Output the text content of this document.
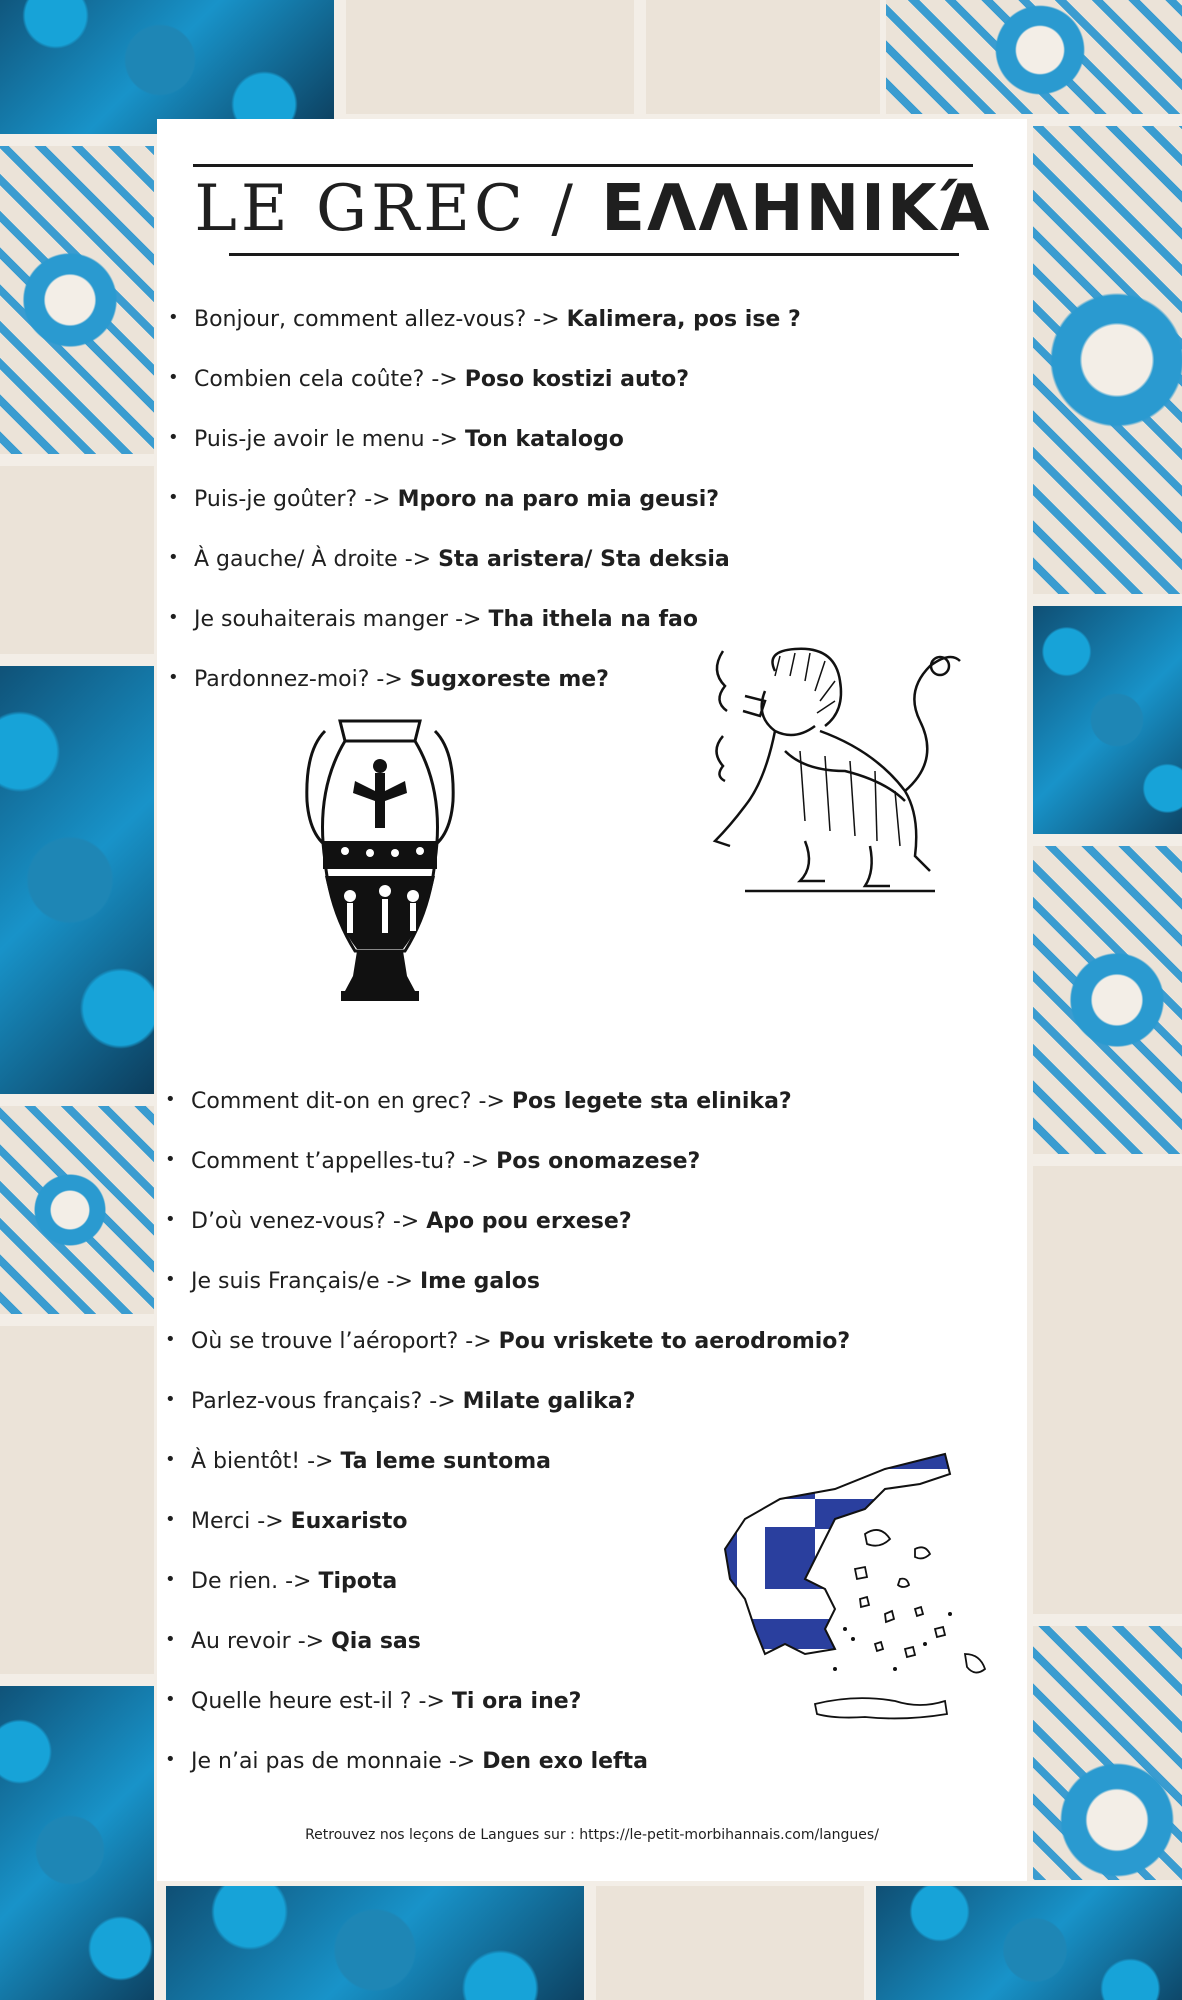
LE GREC / ΕΛΛΗΝΙΚΆ
• Bonjour, comment allez-vous? -> Kalimera, pos ise ?
• Combien cela coûte? -> Poso kostizi auto?
• Puis-je avoir le menu -> Ton katalogo
• Puis-je goûter? -> Mporo na paro mia geusi?
• À gauche/ À droite -> Sta aristera/ Sta deksia
• Je souhaiterais manger -> Tha ithela na fao
• Pardonnez-moi? -> Sugxoreste me?
• Comment dit-on en grec? -> Pos legete sta elinika?
• Comment t’appelles-tu? -> Pos onomazese?
• D’où venez-vous? -> Apo pou erxese?
• Je suis Français/e -> Ime galos
• Où se trouve l’aéroport? -> Pou vriskete to aerodromio?
• Parlez-vous français? -> Milate galika?
• À bientôt! -> Ta leme suntoma
• Merci -> Euxaristo
• De rien. -> Tipota
• Au revoir -> Qia sas
• Quelle heure est-il ? -> Ti ora ine?
• Je n’ai pas de monnaie -> Den exo lefta
Retrouvez nos leçons de Langues sur : https://le-petit-morbihannais.com/langues/
